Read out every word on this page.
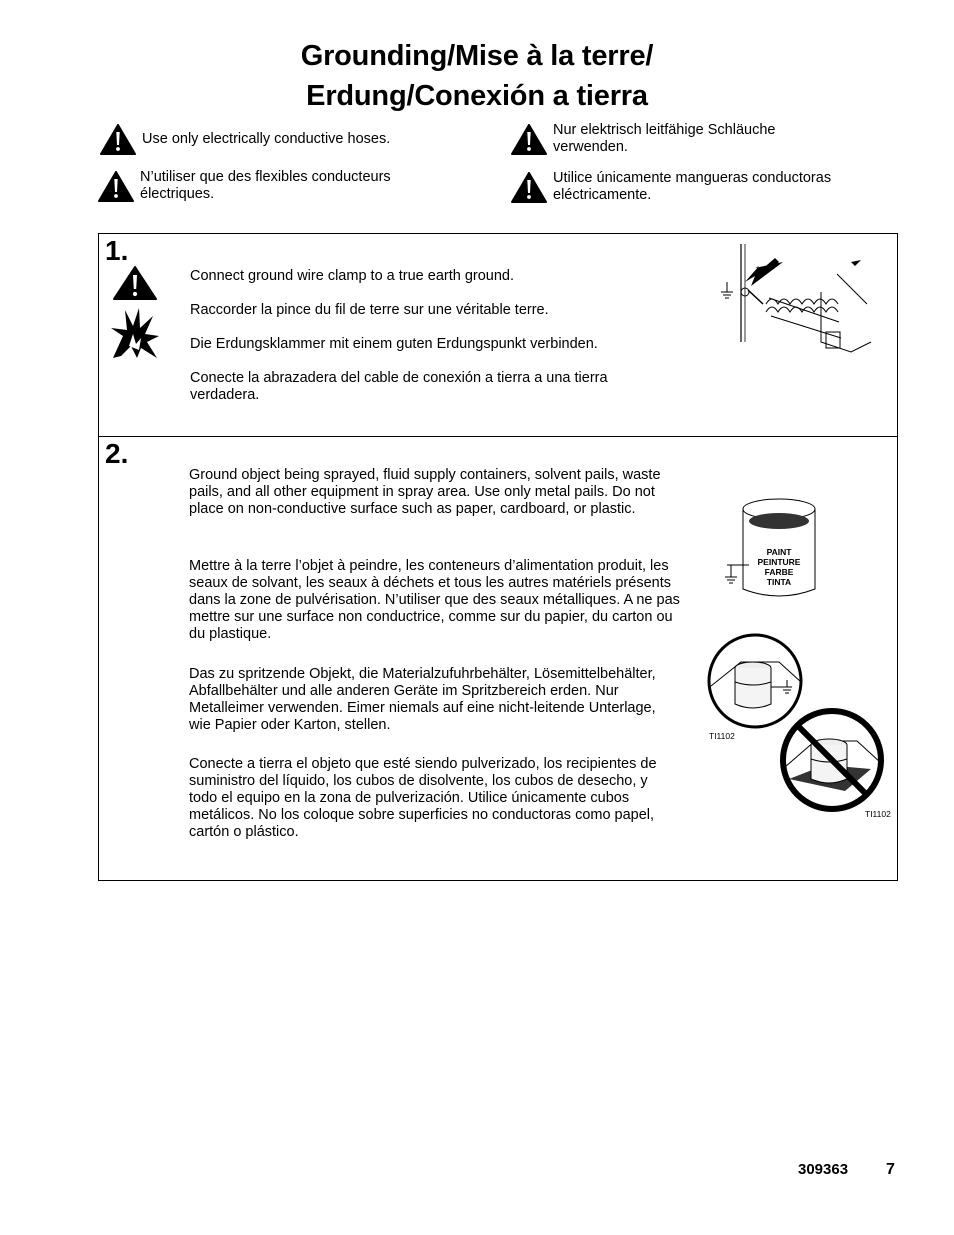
Grounding/Mise à la terre/
Erdung/Conexión a tierra
Use only electrically conductive hoses.
N’utiliser que des flexibles conducteurs électriques.
Nur elektrisch leitfähige Schläuche verwenden.
Utilice únicamente mangueras conductoras eléctricamente.
1.
Connect ground wire clamp to a true earth ground.
Raccorder la pince du fil de terre sur une véritable terre.
Die Erdungsklammer mit einem guten Erdungspunkt verbinden.
Conecte la abrazadera del cable de conexión a tierra a una tierra verdadera.
2.
Ground object being sprayed, fluid supply containers, solvent pails, waste pails, and all other equipment in spray area. Use only metal pails. Do not place on non-conductive surface such as paper, cardboard, or plastic.
Mettre à la terre l’objet à peindre, les conteneurs d’alimentation produit, les seaux de solvant, les seaux à déchets et tous les autres matériels présents dans la zone de pulvérisation. N’utiliser que des seaux métalliques. A ne pas mettre sur une surface non conductrice, comme sur du papier, du carton ou du plastique.
Das zu spritzende Objekt, die Materialzufuhrbehälter, Lösemittelbehälter, Abfallbehälter und alle anderen Geräte im Spritzbereich erden. Nur Metalleimer verwenden. Eimer niemals auf eine nicht-leitende Unterlage, wie Papier oder Karton, stellen.
Conecte a tierra el objeto que esté siendo pulverizado, los recipientes de suministro del líquido, los cubos de disolvente, los cubos de desecho, y todo el equipo en la zona de pulverización. Utilice únicamente cubos metálicos. No los coloque sobre superficies no conductoras como papel, cartón o plástico.
PAINT
PEINTURE
FARBE
TINTA
TI1102
TI1102
309363 7
